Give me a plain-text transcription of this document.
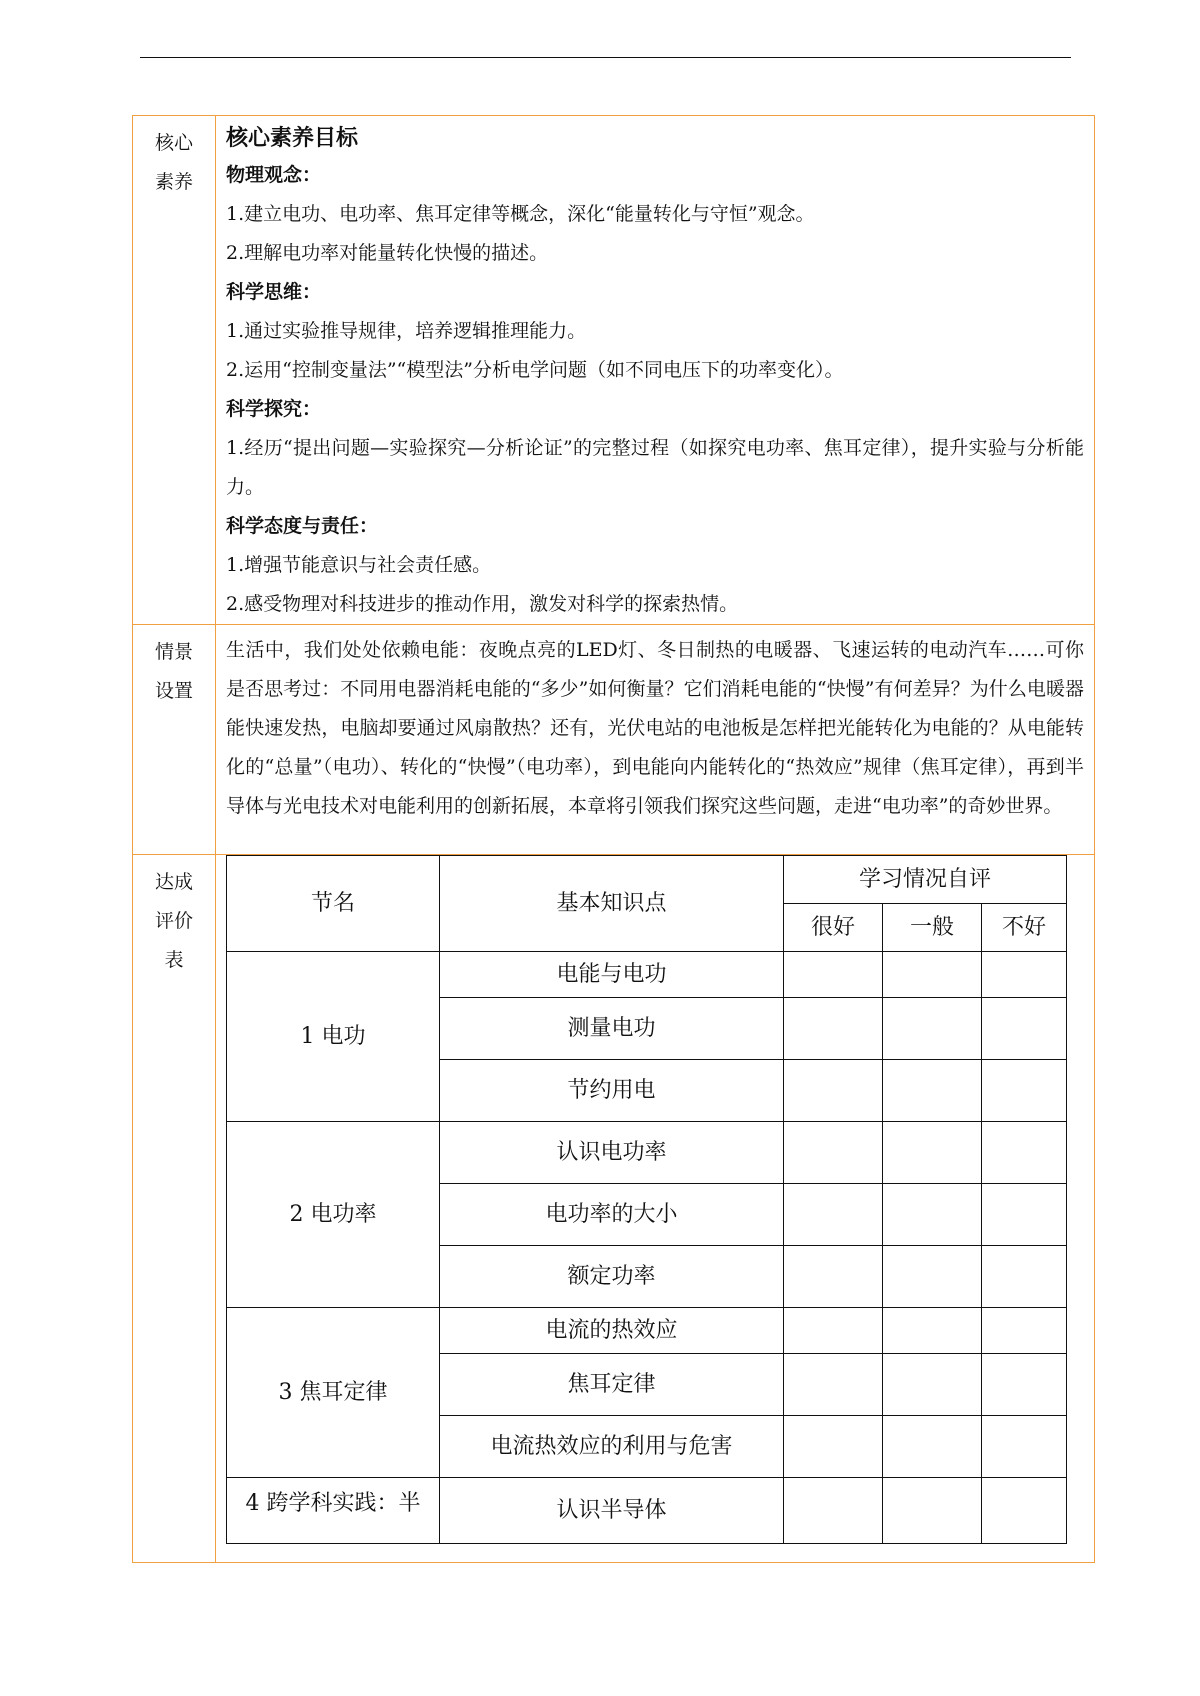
核心
素养

核心素养目标
物理观念：
1.建立电功、电功率、焦耳定律等概念，深化“能量转化与守恒”观念。
2.理解电功率对能量转化快慢的描述。
科学思维：
1.通过实验推导规律，培养逻辑推理能力。
2.运用“控制变量法”“模型法”分析电学问题（如不同电压下的功率变化）。
科学探究：
1.经历“提出问题—实验探究—分析论证”的完整过程（如探究电功率、焦耳定律），提升实验与分析能力。
科学态度与责任：
1.增强节能意识与社会责任感。
2.感受物理对科技进步的推动作用，激发对科学的探索热情。

情景
设置

生活中，我们处处依赖电能：夜晚点亮的LED灯、冬日制热的电暖器、飞速运转的电动汽车……可你是否思考过：不同用电器消耗电能的“多少”如何衡量？它们消耗电能的“快慢”有何差异？为什么电暖器能快速发热，电脑却要通过风扇散热？还有，光伏电站的电池板是怎样把光能转化为电能的？从电能转化的“总量”（电功）、转化的“快慢”（电功率），到电能向内能转化的“热效应”规律（焦耳定律），再到半导体与光电技术对电能利用的创新拓展，本章将引领我们探究这些问题，走进“电功率”的奇妙世界。

达成
评价
表

节名	基本知识点	学习情况自评
很好	一般	不好
1 电功	电能与电功			
测量电功			
节约用电			
2 电功率	认识电功率			
电功率的大小			
额定功率			
3 焦耳定律	电流的热效应			
焦耳定律			
电流热效应的利用与危害			
4 跨学科实践：半	认识半导体			
